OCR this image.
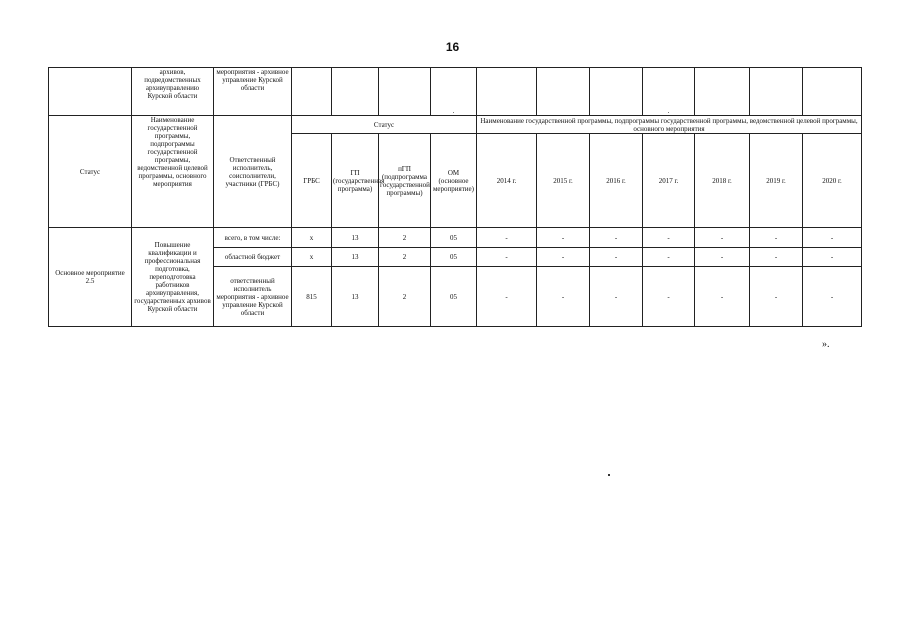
16
	архивов, подведомственных архивуправлению Курской области	мероприятия - архивное управление Курской области				.				.			
Статус	Наименование государственной программы, подпрограммы государственной программы, ведомственной целевой программы, основного мероприятия	Ответственный исполнитель, соисполнители, участники (ГРБС)	Статус				Наименование государственной программы, подпрограммы государственной программы, ведомственной целевой программы, основного мероприятия						
			ГРБС	ГП (государственная программа)	пГП (подпрограмма государственной программы)	ОМ (основное мероприятие)	2014 г.	2015 г.	2016 г.	2017 г.	2018 г.	2019 г.	2020 г.
Основное мероприятие 2.5	Повышение квалификации и профессиональная подготовка, переподготовка работников архивуправления, государственных архивов Курской области	всего, в том числе:	х	13	2	05	-	-	-	-	-	-	-
		областной бюджет	х	13	2	05	-	-	-	-	-	-	-
		ответственный исполнитель мероприятия - архивное управление Курской области	815	13	2	05	-	-	-	-	-	-	-
».
